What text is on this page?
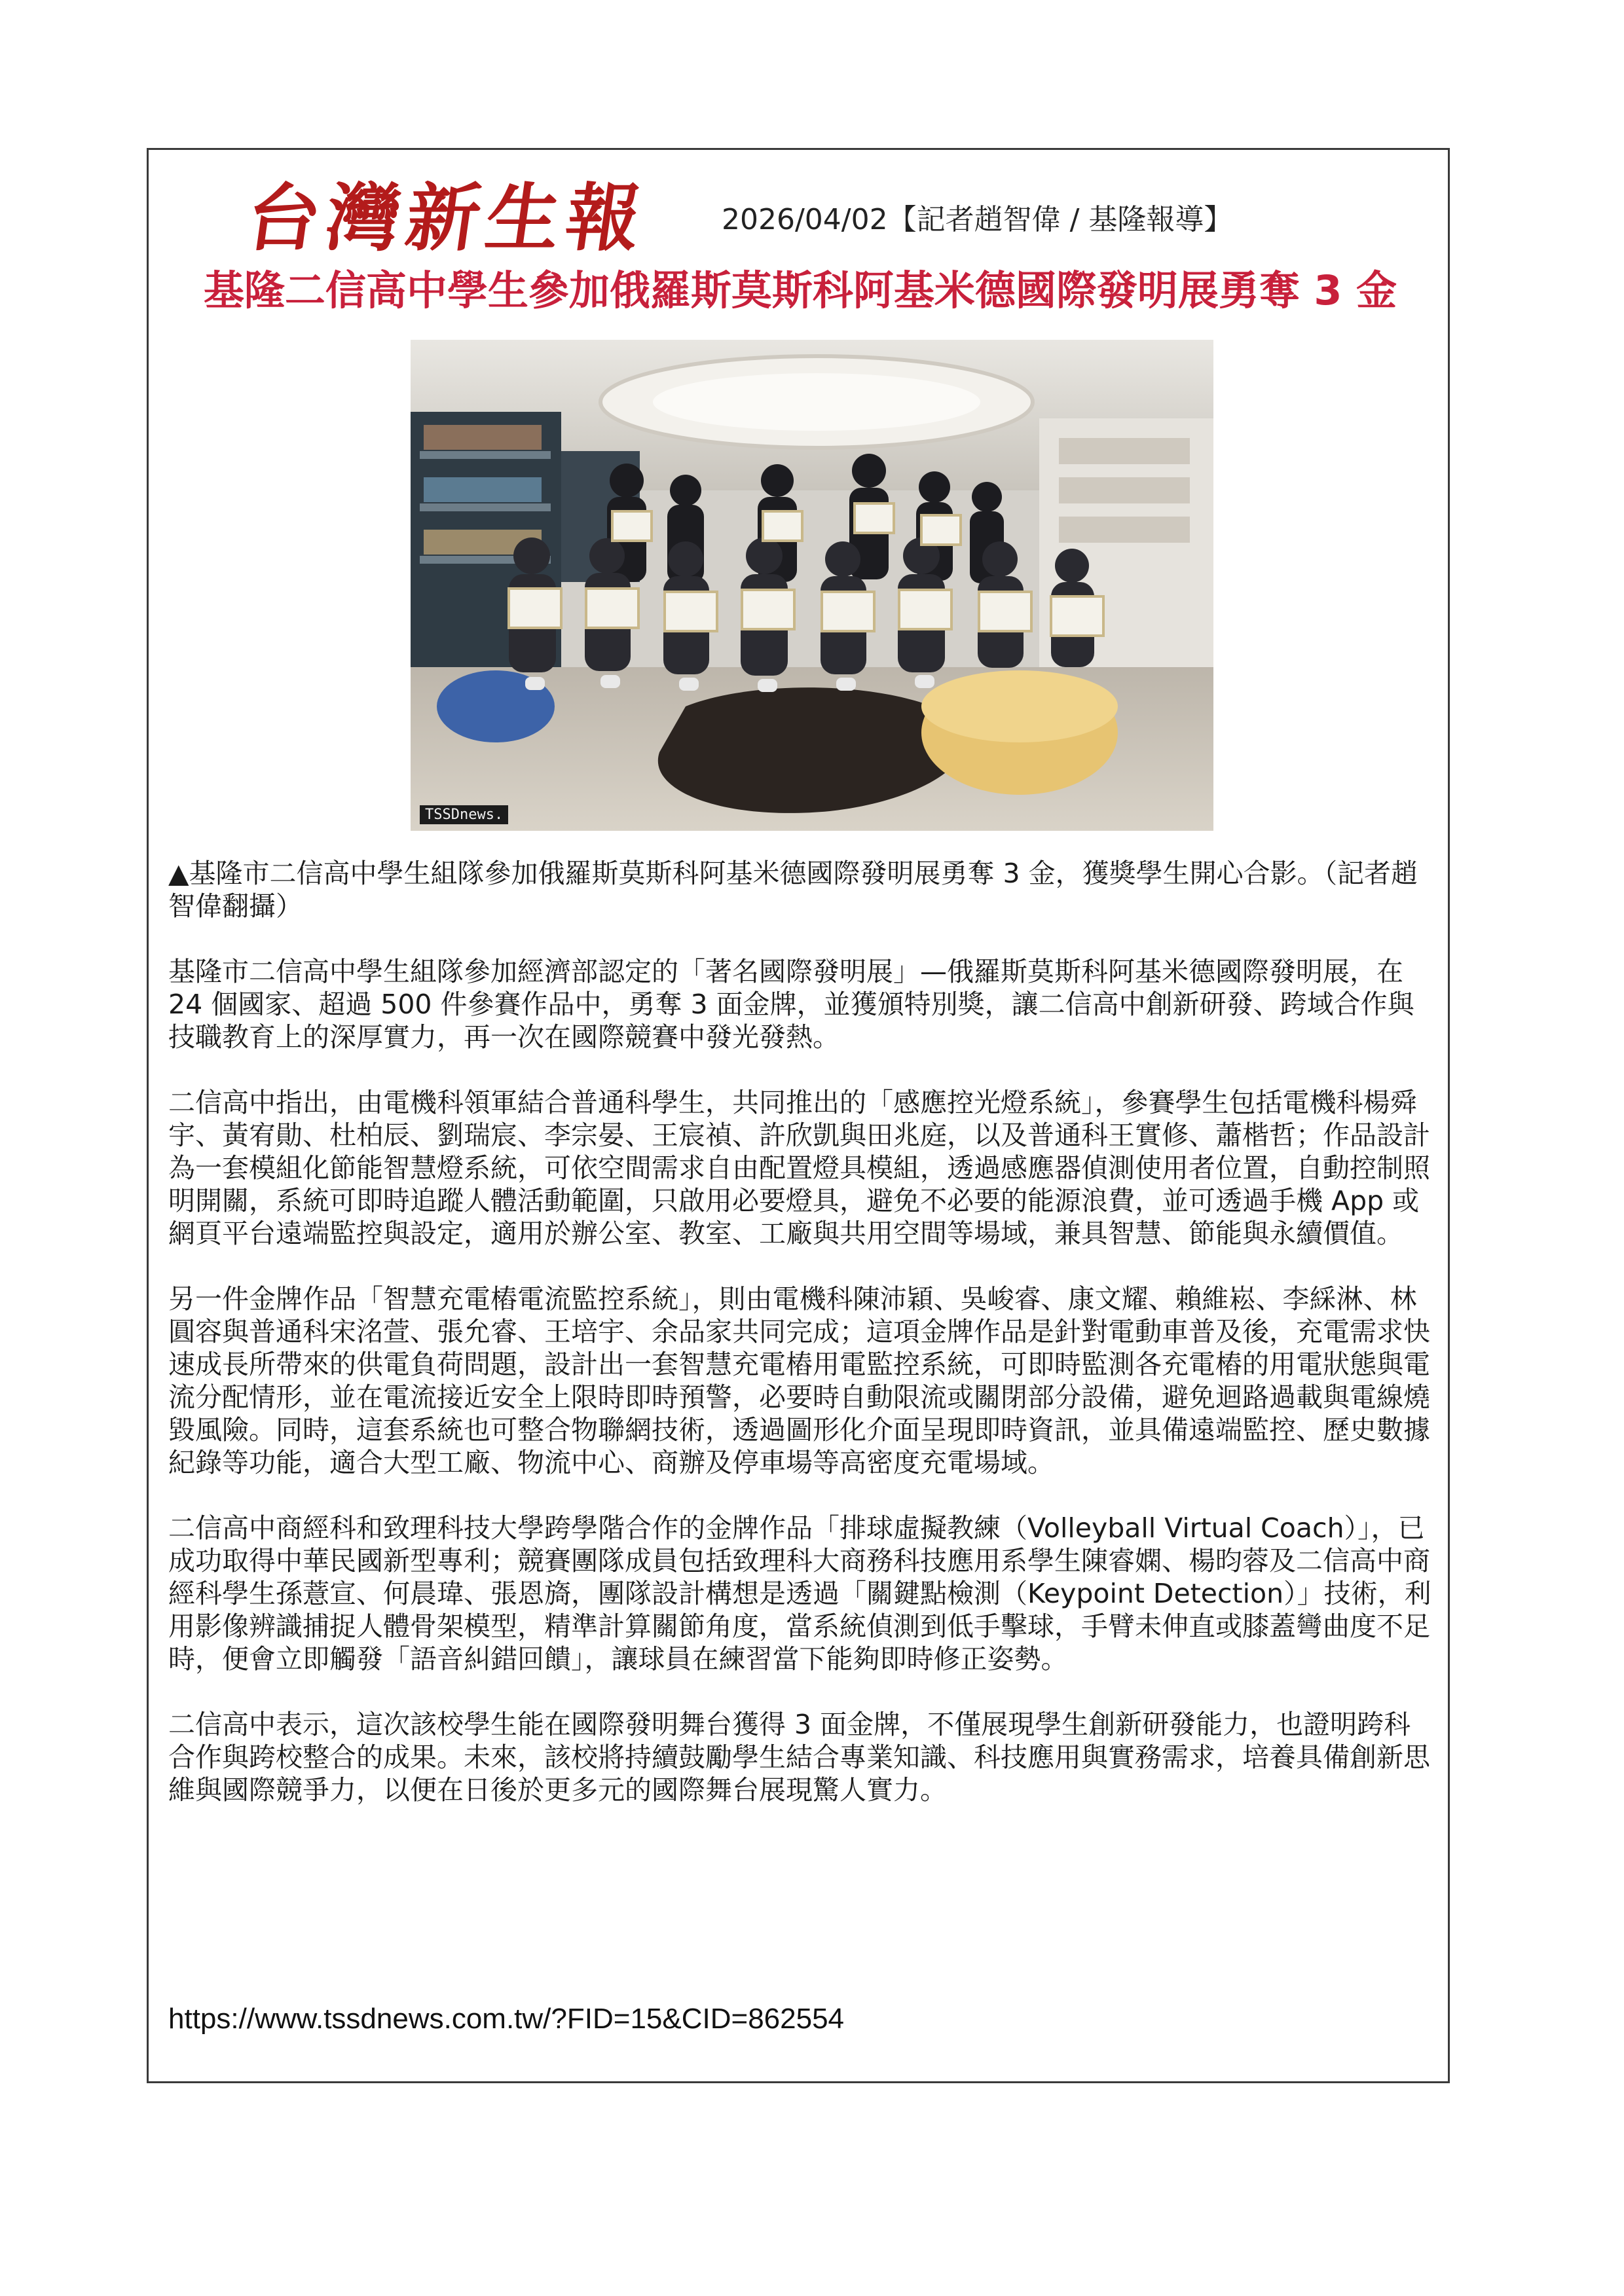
台灣新生報	2026/04/02【記者趙智偉 / 基隆報導】
基隆二信高中學生參加俄羅斯莫斯科阿基米德國際發明展勇奪 3 金
TSSDnews.

▲基隆市二信高中學生組隊參加俄羅斯莫斯科阿基米德國際發明展勇奪 3 金，獲獎學生開心合影。（記者趙智偉翻攝）

基隆市二信高中學生組隊參加經濟部認定的「著名國際發明展」—俄羅斯莫斯科阿基米德國際發明展，在 24 個國家、超過 500 件參賽作品中，勇奪 3 面金牌，並獲頒特別獎，讓二信高中創新研發、跨域合作與技職教育上的深厚實力，再一次在國際競賽中發光發熱。

二信高中指出，由電機科領軍結合普通科學生，共同推出的「感應控光燈系統」，參賽學生包括電機科楊舜宇、黃宥勛、杜柏辰、劉瑞宸、李宗晏、王宸禎、許欣凱與田兆庭，以及普通科王實修、蕭楷哲；作品設計為一套模組化節能智慧燈系統，可依空間需求自由配置燈具模組，透過感應器偵測使用者位置，自動控制照明開關，系統可即時追蹤人體活動範圍，只啟用必要燈具，避免不必要的能源浪費，並可透過手機 App 或網頁平台遠端監控與設定，適用於辦公室、教室、工廠與共用空間等場域，兼具智慧、節能與永續價值。

另一件金牌作品「智慧充電樁電流監控系統」，則由電機科陳沛穎、吳峻睿、康文耀、賴維崧、李綵淋、林圓容與普通科宋洺萱、張允睿、王培宇、余品家共同完成；這項金牌作品是針對電動車普及後，充電需求快速成長所帶來的供電負荷問題，設計出一套智慧充電樁用電監控系統，可即時監測各充電樁的用電狀態與電流分配情形，並在電流接近安全上限時即時預警，必要時自動限流或關閉部分設備，避免迴路過載與電線燒毀風險。同時，這套系統也可整合物聯網技術，透過圖形化介面呈現即時資訊，並具備遠端監控、歷史數據紀錄等功能，適合大型工廠、物流中心、商辦及停車場等高密度充電場域。

二信高中商經科和致理科技大學跨學階合作的金牌作品「排球虛擬教練（Volleyball Virtual Coach）」，已成功取得中華民國新型專利；競賽團隊成員包括致理科大商務科技應用系學生陳睿嫻、楊昀蓉及二信高中商經科學生孫薏宣、何晨瑋、張恩旖，團隊設計構想是透過「關鍵點檢測（Keypoint Detection）」技術，利用影像辨識捕捉人體骨架模型，精準計算關節角度，當系統偵測到低手擊球，手臂未伸直或膝蓋彎曲度不足時，便會立即觸發「語音糾錯回饋」，讓球員在練習當下能夠即時修正姿勢。

二信高中表示，這次該校學生能在國際發明舞台獲得 3 面金牌，不僅展現學生創新研發能力，也證明跨科合作與跨校整合的成果。未來，該校將持續鼓勵學生結合專業知識、科技應用與實務需求，培養具備創新思維與國際競爭力，以便在日後於更多元的國際舞台展現驚人實力。

https://www.tssdnews.com.tw/?FID=15&CID=862554
